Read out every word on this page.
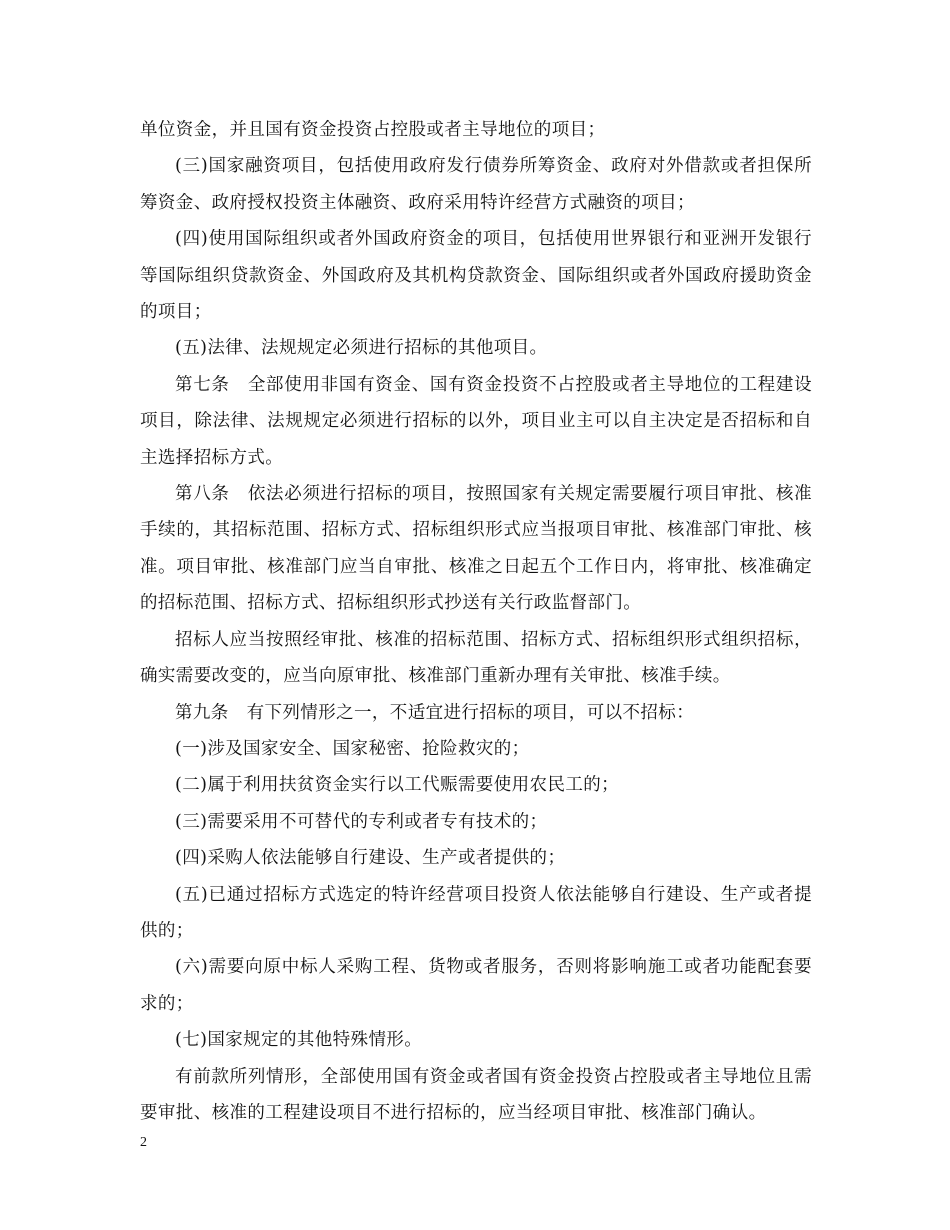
单位资金，并且国有资金投资占控股或者主导地位的项目；

(三)国家融资项目，包括使用政府发行债券所筹资金、政府对外借款或者担保所筹资金、政府授权投资主体融资、政府采用特许经营方式融资的项目；

(四)使用国际组织或者外国政府资金的项目，包括使用世界银行和亚洲开发银行等国际组织贷款资金、外国政府及其机构贷款资金、国际组织或者外国政府援助资金的项目；

(五)法律、法规规定必须进行招标的其他项目。

第七条　全部使用非国有资金、国有资金投资不占控股或者主导地位的工程建设项目，除法律、法规规定必须进行招标的以外，项目业主可以自主决定是否招标和自主选择招标方式。

第八条　依法必须进行招标的项目，按照国家有关规定需要履行项目审批、核准手续的，其招标范围、招标方式、招标组织形式应当报项目审批、核准部门审批、核准。项目审批、核准部门应当自审批、核准之日起五个工作日内，将审批、核准确定的招标范围、招标方式、招标组织形式抄送有关行政监督部门。

招标人应当按照经审批、核准的招标范围、招标方式、招标组织形式组织招标，确实需要改变的，应当向原审批、核准部门重新办理有关审批、核准手续。

第九条　有下列情形之一，不适宜进行招标的项目，可以不招标：

(一)涉及国家安全、国家秘密、抢险救灾的；

(二)属于利用扶贫资金实行以工代赈需要使用农民工的；

(三)需要采用不可替代的专利或者专有技术的；

(四)采购人依法能够自行建设、生产或者提供的；

(五)已通过招标方式选定的特许经营项目投资人依法能够自行建设、生产或者提供的；

(六)需要向原中标人采购工程、货物或者服务，否则将影响施工或者功能配套要求的；

(七)国家规定的其他特殊情形。

有前款所列情形，全部使用国有资金或者国有资金投资占控股或者主导地位且需要审批、核准的工程建设项目不进行招标的，应当经项目审批、核准部门确认。

2
